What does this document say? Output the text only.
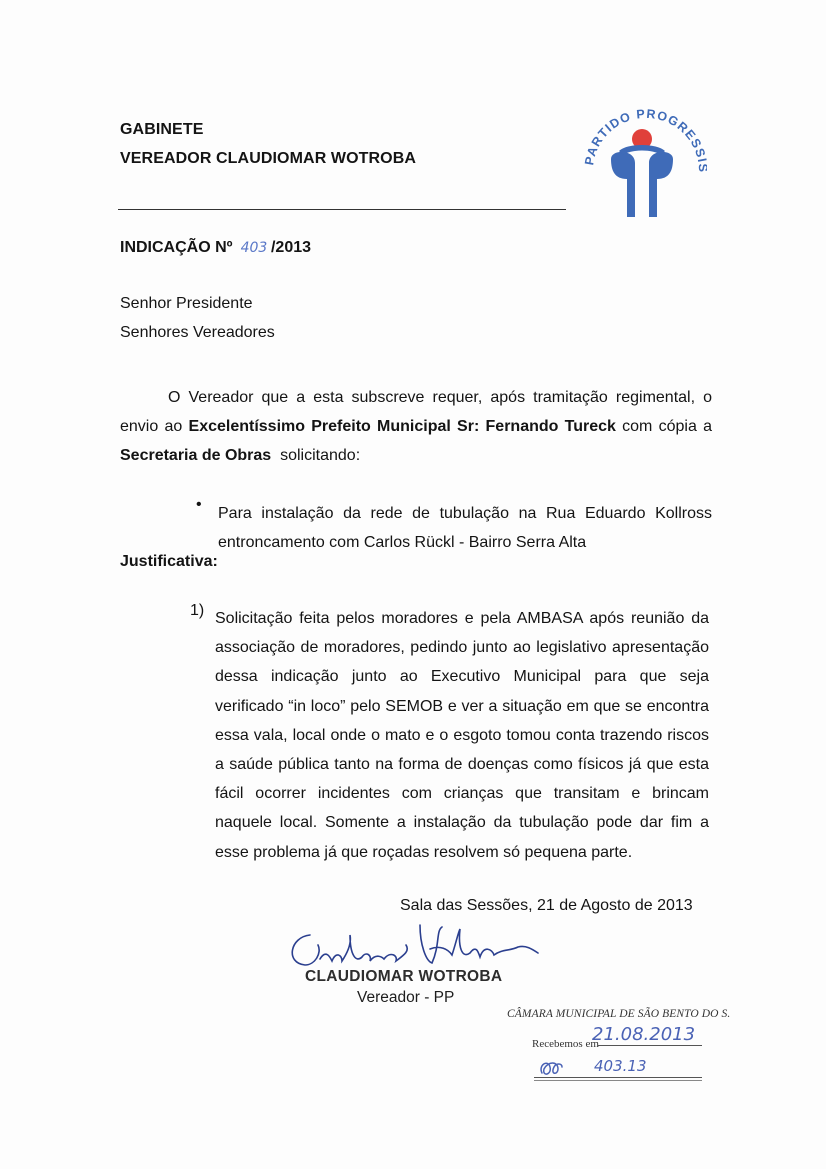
GABINETE
VEREADOR CLAUDIOMAR WOTROBA	PARTIDO PROGRESS
INDICAÇÃO Nº 403 /2013
Senhor Presidente
Senhores Vereadores
O Vereador que a esta subscreve requer, após tramitação regimental, o envio ao Excelentíssimo Prefeito Municipal Sr: Fernando Tureck com cópia a Secretaria de Obras  solicitando:
•
Para instalação da rede de tubulação na Rua Eduardo Kollross entroncamento com Carlos Rückl - Bairro Serra Alta
Justificativa:
1) Solicitação feita pelos moradores e pela AMBASA após reunião da associação de moradores, pedindo junto ao legislativo apresentação dessa indicação junto ao Executivo Municipal para que seja verificado “in loco” pelo SEMOB e ver a situação em que se encontra essa vala, local onde o mato e o esgoto tomou conta trazendo riscos a saúde pública tanto na forma de doenças como físicos já que esta fácil ocorrer incidentes com crianças que transitam e brincam naquele local. Somente a instalação da tubulação pode dar fim a esse problema já que roçadas resolvem só pequena parte.
Sala das Sessões, 21 de Agosto de 2013
CLAUDIOMAR WOTROBA
Vereador - PP
CÂMARA MUNICIPAL DE SÃO BENTO DO S.
Recebemos em
21.08.2013
403.13
